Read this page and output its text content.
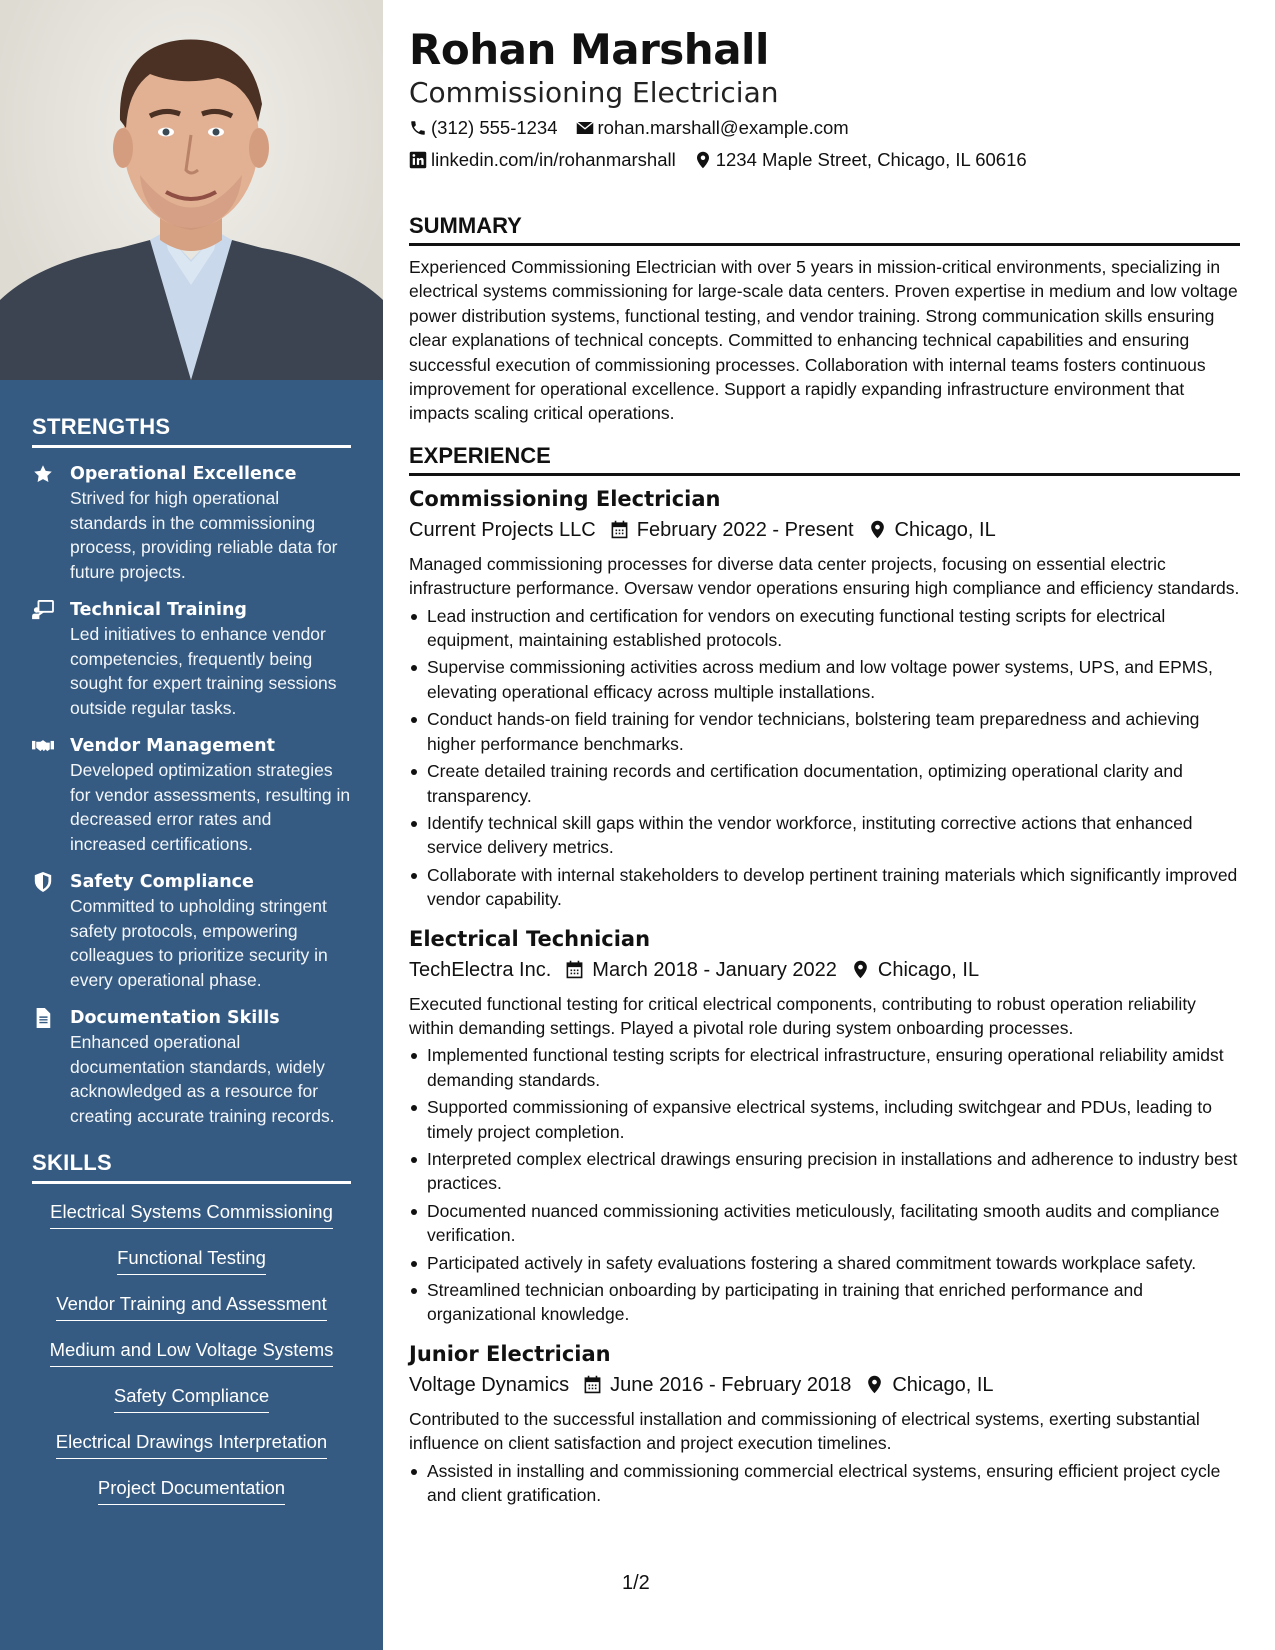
STRENGTHS
Operational Excellence
Strived for high operational standards in the commissioning process, providing reliable data for future projects.
Technical Training
Led initiatives to enhance vendor competencies, frequently being sought for expert training sessions outside regular tasks.
Vendor Management
Developed optimization strategies for vendor assessments, resulting in decreased error rates and increased certifications.
Safety Compliance
Committed to upholding stringent safety protocols, empowering colleagues to prioritize security in every operational phase.
Documentation Skills
Enhanced operational documentation standards, widely acknowledged as a resource for creating accurate training records.
SKILLS
Electrical Systems Commissioning
Functional Testing
Vendor Training and Assessment
Medium and Low Voltage Systems
Safety Compliance
Electrical Drawings Interpretation
Project Documentation
Rohan Marshall
Commissioning Electrician
(312) 555-1234 rohan.marshall@example.com
linkedin.com/in/rohanmarshall 1234 Maple Street, Chicago, IL 60616
SUMMARY
Experienced Commissioning Electrician with over 5 years in mission-critical environments, specializing in electrical systems commissioning for large-scale data centers. Proven expertise in medium and low voltage power distribution systems, functional testing, and vendor training. Strong communication skills ensuring clear explanations of technical concepts. Committed to enhancing technical capabilities and ensuring successful execution of commissioning processes. Collaboration with internal teams fosters continuous improvement for operational excellence. Support a rapidly expanding infrastructure environment that impacts scaling critical operations.
EXPERIENCE
Commissioning Electrician
Current Projects LLC February 2022 - Present Chicago, IL
Managed commissioning processes for diverse data center projects, focusing on essential electric infrastructure performance. Oversaw vendor operations ensuring high compliance and efficiency standards.
Lead instruction and certification for vendors on executing functional testing scripts for electrical equipment, maintaining established protocols.
Supervise commissioning activities across medium and low voltage power systems, UPS, and EPMS, elevating operational efficacy across multiple installations.
Conduct hands-on field training for vendor technicians, bolstering team preparedness and achieving higher performance benchmarks.
Create detailed training records and certification documentation, optimizing operational clarity and transparency.
Identify technical skill gaps within the vendor workforce, instituting corrective actions that enhanced service delivery metrics.
Collaborate with internal stakeholders to develop pertinent training materials which significantly improved vendor capability.
Electrical Technician
TechElectra Inc. March 2018 - January 2022 Chicago, IL
Executed functional testing for critical electrical components, contributing to robust operation reliability within demanding settings. Played a pivotal role during system onboarding processes.
Implemented functional testing scripts for electrical infrastructure, ensuring operational reliability amidst demanding standards.
Supported commissioning of expansive electrical systems, including switchgear and PDUs, leading to timely project completion.
Interpreted complex electrical drawings ensuring precision in installations and adherence to industry best practices.
Documented nuanced commissioning activities meticulously, facilitating smooth audits and compliance verification.
Participated actively in safety evaluations fostering a shared commitment towards workplace safety.
Streamlined technician onboarding by participating in training that enriched performance and organizational knowledge.
Junior Electrician
Voltage Dynamics June 2016 - February 2018 Chicago, IL
Contributed to the successful installation and commissioning of electrical systems, exerting substantial influence on client satisfaction and project execution timelines.
Assisted in installing and commissioning commercial electrical systems, ensuring efficient project cycle and client gratification.
1/2
